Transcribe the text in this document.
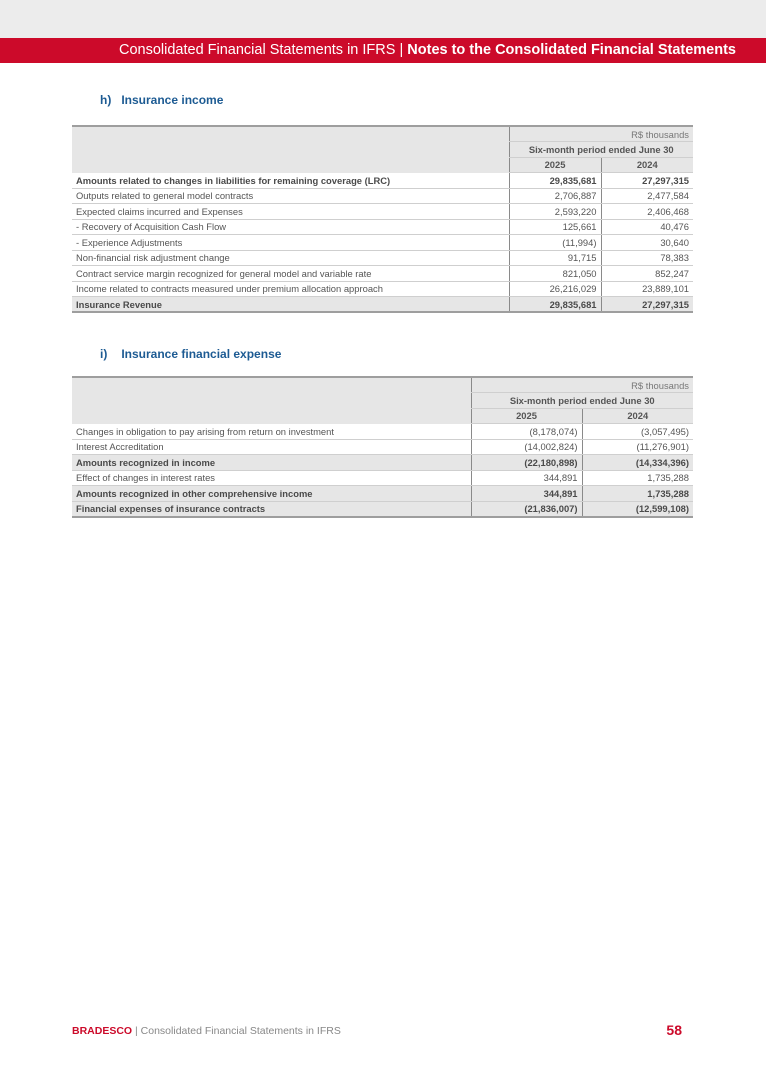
Consolidated Financial Statements in IFRS | Notes to the Consolidated Financial Statements
h) Insurance income
	R$ thousands	
	Six-month period ended June 30	
	2025	2024
Amounts related to changes in liabilities for remaining coverage (LRC)	29,835,681	27,297,315
Outputs related to general model contracts	2,706,887	2,477,584
Expected claims incurred and Expenses	2,593,220	2,406,468
- Recovery of Acquisition Cash Flow	125,661	40,476
- Experience Adjustments	(11,994)	30,640
Non-financial risk adjustment change	91,715	78,383
Contract service margin recognized for general model and variable rate	821,050	852,247
Income related to contracts measured under premium allocation approach	26,216,029	23,889,101
Insurance Revenue	29,835,681	27,297,315
i) Insurance financial expense
	R$ thousands	
	Six-month period ended June 30	
	2025	2024
Changes in obligation to pay arising from return on investment	(8,178,074)	(3,057,495)
Interest Accreditation	(14,002,824)	(11,276,901)
Amounts recognized in income	(22,180,898)	(14,334,396)
Effect of changes in interest rates	344,891	1,735,288
Amounts recognized in other comprehensive income	344,891	1,735,288
Financial expenses of insurance contracts	(21,836,007)	(12,599,108)
BRADESCO | Consolidated Financial Statements in IFRS	58
